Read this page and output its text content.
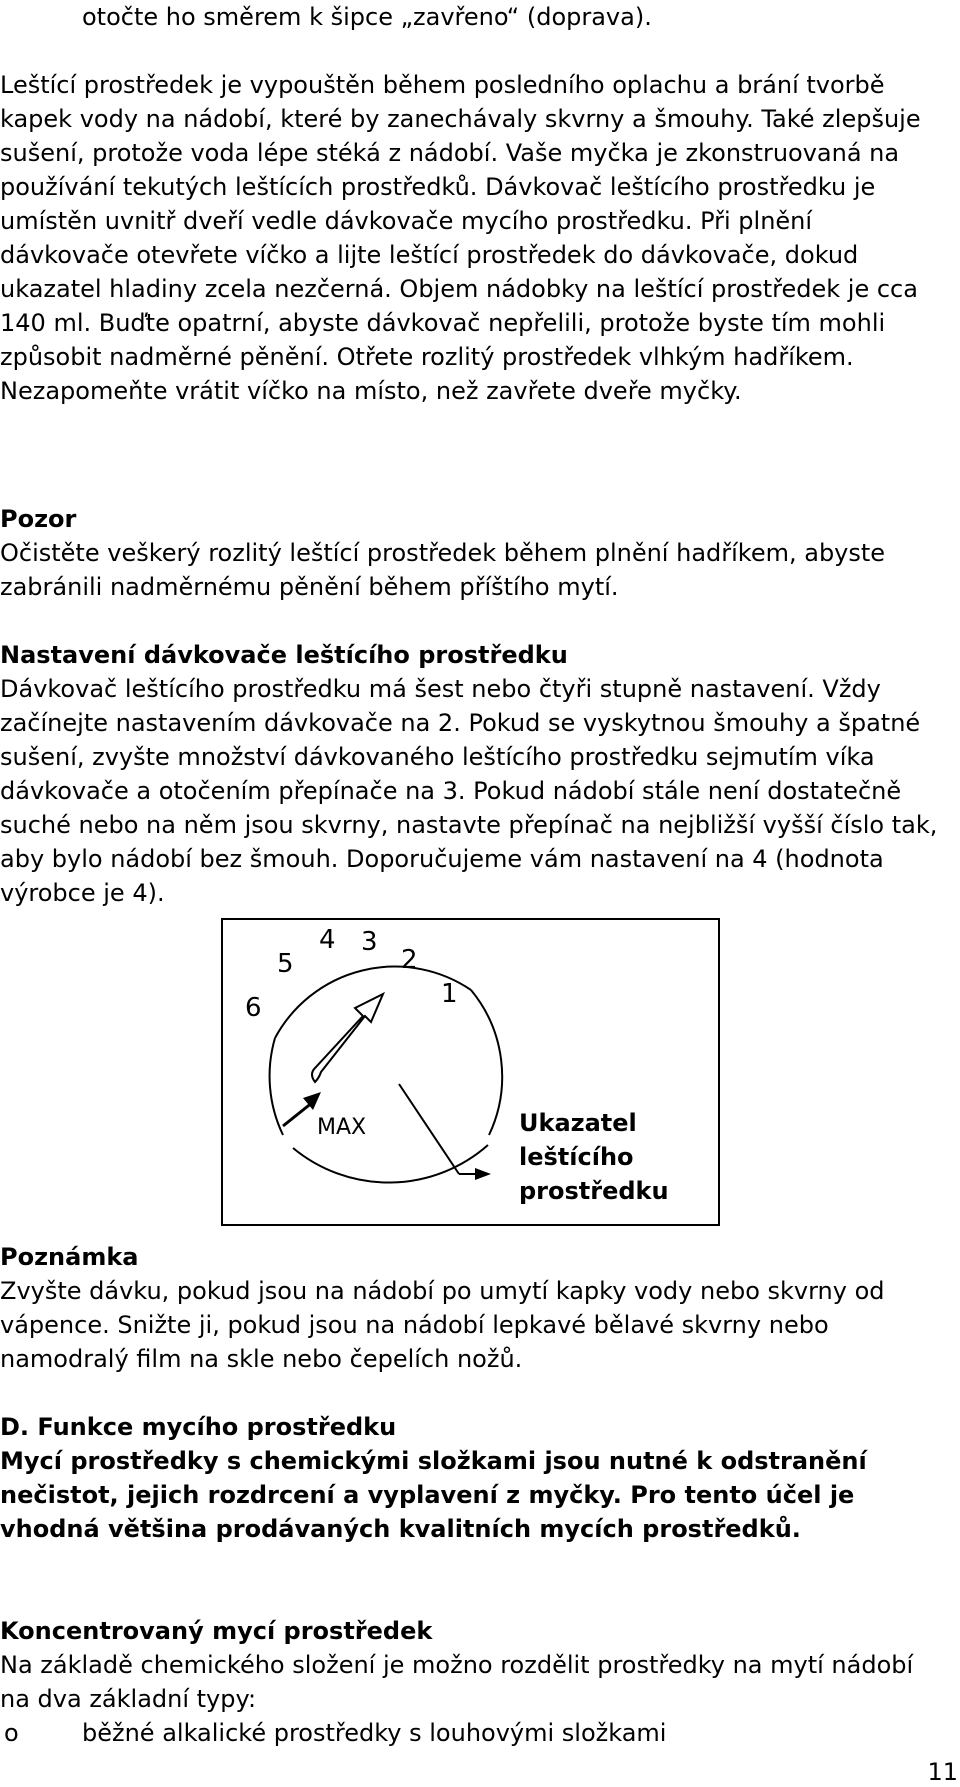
otočte ho směrem k šipce „zavřeno“ (doprava).

Leštící prostředek je vypouštěn během posledního oplachu a brání tvorbě kapek vody na nádobí, které by zanechávaly skvrny a šmouhy. Také zlepšuje sušení, protože voda lépe stéká z nádobí. Vaše myčka je zkonstruovaná na používání tekutých leštících prostředků. Dávkovač leštícího prostředku je umístěn uvnitř dveří vedle dávkovače mycího prostředku. Při plnění dávkovače otevřete víčko a lijte leštící prostředek do dávkovače, dokud ukazatel hladiny zcela nezčerná. Objem nádobky na leštící prostředek je cca 140 ml. Buďte opatrní, abyste dávkovač nepřelili, protože byste tím mohli způsobit nadměrné pěnění. Otřete rozlitý prostředek vlhkým hadříkem. Nezapomeňte vrátit víčko na místo, než zavřete dveře myčky.

Pozor

Očistěte veškerý rozlitý leštící prostředek během plnění hadříkem, abyste zabránili nadměrnému pěnění během příštího mytí.

Nastavení dávkovače leštícího prostředku

Dávkovač leštícího prostředku má šest nebo čtyři stupně nastavení. Vždy začínejte nastavením dávkovače na 2. Pokud se vyskytnou šmouhy a špatné sušení, zvyšte množství dávkovaného leštícího prostředku sejmutím víka dávkovače a otočením přepínače na 3. Pokud nádobí stále není dostatečně suché nebo na něm jsou skvrny, nastavte přepínač na nejbližší vyšší číslo tak, aby bylo nádobí bez šmouh. Doporučujeme vám nastavení na 4 (hodnota výrobce je 4).

6
5
4 3
2
1
MAX	Ukazatel
leštícího
prostředku

Poznámka

Zvyšte dávku, pokud jsou na nádobí po umytí kapky vody nebo skvrny od vápence. Snižte ji, pokud jsou na nádobí lepkavé bělavé skvrny nebo namodralý film na skle nebo čepelích nožů.

D. Funkce mycího prostředku

Mycí prostředky s chemickými složkami jsou nutné k odstranění nečistot, jejich rozdrcení a vyplavení z myčky. Pro tento účel je vhodná většina prodávaných kvalitních mycích prostředků.

Koncentrovaný mycí prostředek

Na základě chemického složení je možno rozdělit prostředky na mytí nádobí na dva základní typy:

o	běžné alkalické prostředky s louhovými složkami
11
